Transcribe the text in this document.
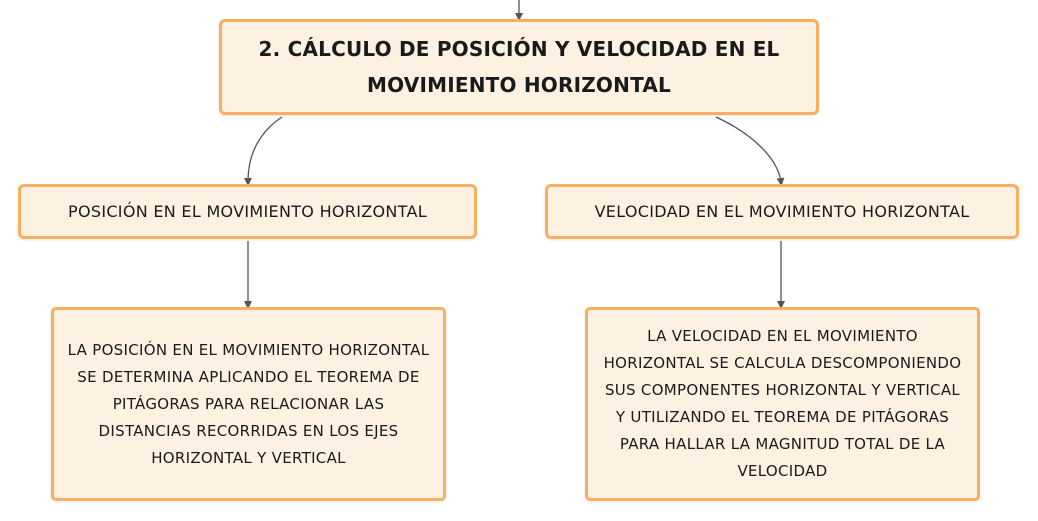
2. CÁLCULO DE POSICIÓN Y VELOCIDAD EN EL MOVIMIENTO HORIZONTAL
POSICIÓN EN EL MOVIMIENTO HORIZONTAL	VELOCIDAD EN EL MOVIMIENTO HORIZONTAL
LA POSICIÓN EN EL MOVIMIENTO HORIZONTAL SE DETERMINA APLICANDO EL TEOREMA DE PITÁGORAS PARA RELACIONAR LAS DISTANCIAS RECORRIDAS EN LOS EJES HORIZONTAL Y VERTICAL
LA VELOCIDAD EN EL MOVIMIENTO HORIZONTAL SE CALCULA DESCOMPONIENDO SUS COMPONENTES HORIZONTAL Y VERTICAL Y UTILIZANDO EL TEOREMA DE PITÁGORAS PARA HALLAR LA MAGNITUD TOTAL DE LA VELOCIDAD
